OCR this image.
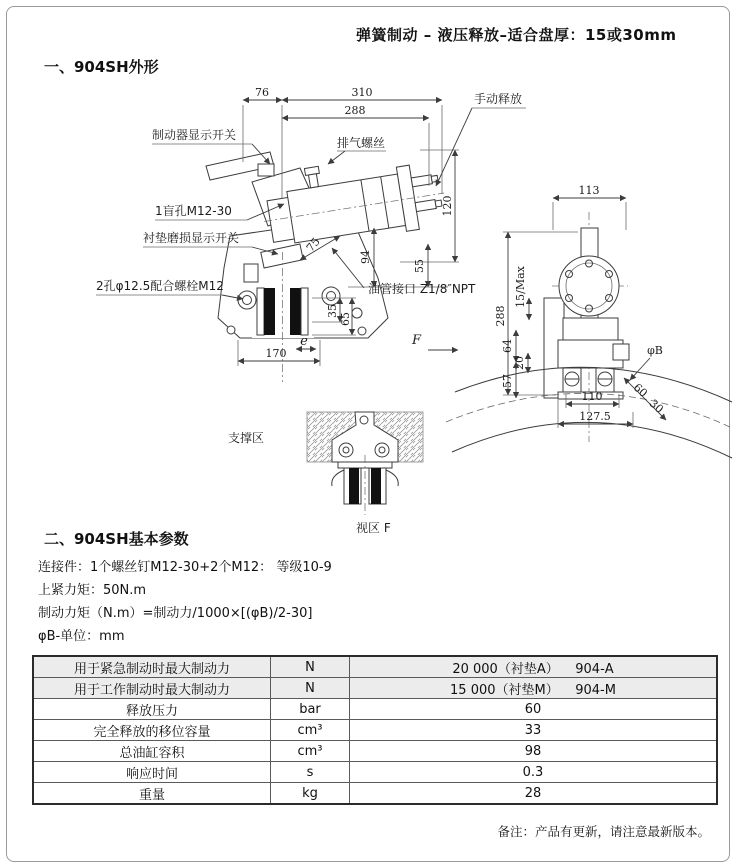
弹簧制动 – 液压释放–适合盘厚：15或30mm
一、904SH外形
76	310
288
120
94
55
75
35
65
170
e	F
制动器显示开关
排气螺丝
手动释放
1盲孔M12-30
衬垫磨损显示开关
2孔φ12.5配合螺栓M12	油管接口 Z1/8″NPT
113
288
15/Max
64
20
57
φB
60
30
110
127.5
支撑区
视区 F
二、904SH基本参数
连接件：1个螺丝钉M12-30+2个M12： 等级10-9
上紧力矩：50N.m
制动力矩（N.m）=制动力/1000×[(φB)/2-30]
φB-单位：mm
用于紧急制动时最大制动力	N	20 000（衬垫A）    904-A
用于工作制动时最大制动力	N	15 000（衬垫M）    904-M
释放压力	bar	60
完全释放的移位容量	cm³	33
总油缸容积	cm³	98
响应时间	s	0.3
重量	kg	28
备注：产品有更新，请注意最新版本。
